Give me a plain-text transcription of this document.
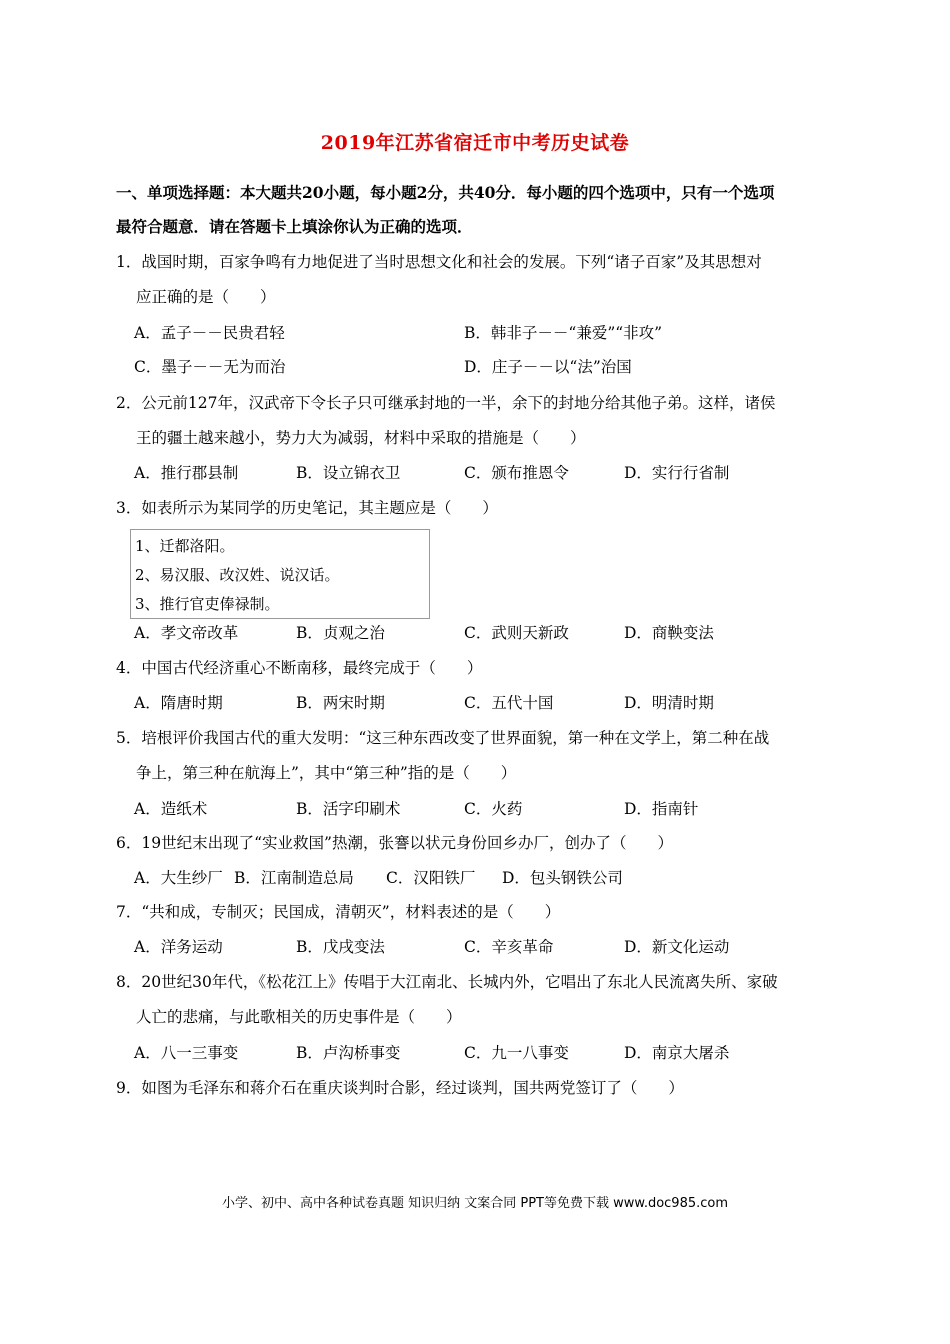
2019年江苏省宿迁市中考历史试卷
一、单项选择题：本大题共20小题，每小题2分，共40分．每小题的四个选项中，只有一个选项
最符合题意．请在答题卡上填涂你认为正确的选项．
1．战国时期，百家争鸣有力地促进了当时思想文化和社会的发展。下列“诸子百家”及其思想对
应正确的是（　　）
A．孟子－－民贵君轻	B．韩非子－－“兼爱”“非攻”
C．墨子－－无为而治	D．庄子－－以“法”治国
2．公元前127年，汉武帝下令长子只可继承封地的一半，余下的封地分给其他子弟。这样，诸侯
王的疆土越来越小，势力大为减弱，材料中采取的措施是（　　）
A．推行郡县制	B．设立锦衣卫	C．颁布推恩令	D．实行行省制
3．如表所示为某同学的历史笔记，其主题应是（　　）
1、迁都洛阳。
2、易汉服、改汉姓、说汉话。
3、推行官吏俸禄制。
A．孝文帝改革	B．贞观之治	C．武则天新政	D．商鞅变法
4．中国古代经济重心不断南移，最终完成于（　　）
A．隋唐时期	B．两宋时期	C．五代十国	D．明清时期
5．培根评价我国古代的重大发明：“这三种东西改变了世界面貌，第一种在文学上，第二种在战
争上，第三种在航海上”，其中“第三种”指的是（　　）
A．造纸术	B．活字印刷术	C．火药	D．指南针
6．19世纪末出现了“实业救国”热潮，张謇以状元身份回乡办厂，创办了（　　）
A．大生纱厂 B．江南制造总局 C．汉阳铁厂 D．包头钢铁公司
7．“共和成，专制灭；民国成，清朝灭”，材料表述的是（　　）
A．洋务运动	B．戊戌变法	C．辛亥革命	D．新文化运动
8．20世纪30年代，《松花江上》传唱于大江南北、长城内外，它唱出了东北人民流离失所、家破
人亡的悲痛，与此歌相关的历史事件是（　　）
A．八一三事变	B．卢沟桥事变	C．九一八事变	D．南京大屠杀
9．如图为毛泽东和蒋介石在重庆谈判时合影，经过谈判，国共两党签订了（　　）
小学、初中、高中各种试卷真题 知识归纳 文案合同 PPT等免费下载 www.doc985.com
